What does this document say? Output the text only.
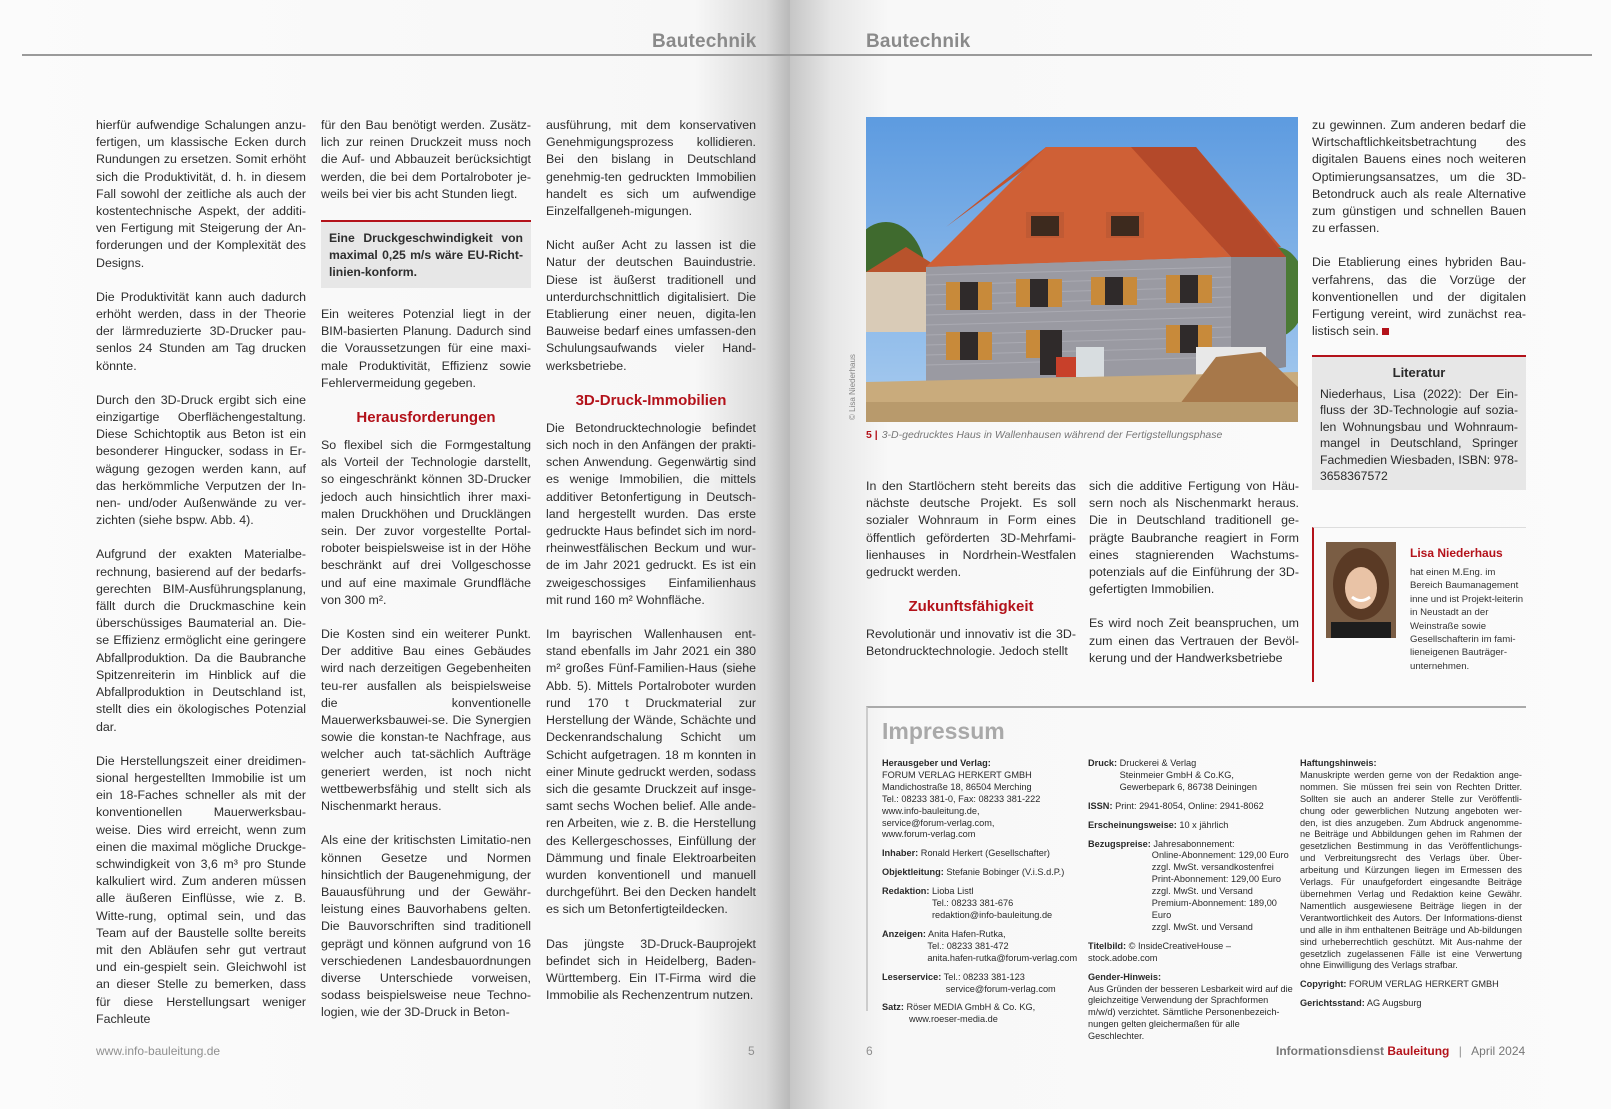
Bautechnik	Bautechnik

hierfür aufwendige Schalungen anzu-fertigen, um klassische Ecken durch Rundungen zu ersetzen. Somit erhöht sich die Produktivität, d. h. in diesem Fall sowohl der zeitliche als auch der kostentechnische Aspekt, der additi-ven Fertigung mit Steigerung der An-forderungen und der Komplexität des Designs.

Die Produktivität kann auch dadurch erhöht werden, dass in der Theorie der lärmreduzierte 3D-Drucker pau-senlos 24 Stunden am Tag drucken könnte.

Durch den 3D-Druck ergibt sich eine einzigartige Oberflächengestaltung. Diese Schichtoptik aus Beton ist ein besonderer Hingucker, sodass in Er-wägung gezogen werden kann, auf das herkömmliche Verputzen der In-nen- und/oder Außenwände zu ver-zichten (siehe bspw. Abb. 4).

Aufgrund der exakten Materialbe-rechnung, basierend auf der bedarfs-gerechten BIM-Ausführungsplanung, fällt durch die Druckmaschine kein überschüssiges Baumaterial an. Die-se Effizienz ermöglicht eine geringere Abfallproduktion. Da die Baubranche Spitzenreiterin im Hinblick auf die Abfallproduktion in Deutschland ist, stellt dies ein ökologisches Potenzial dar.

Die Herstellungszeit einer dreidimen-sional hergestellten Immobilie ist um ein 18-Faches schneller als mit der konventionellen Mauerwerksbau-weise. Dies wird erreicht, wenn zum einen die maximal mögliche Druckge-schwindigkeit von 3,6 m³ pro Stunde kalkuliert wird. Zum anderen müssen alle äußeren Einflüsse, wie z. B. Witte-rung, optimal sein, und das Team auf der Baustelle sollte bereits mit den Abläufen sehr gut vertraut und ein-gespielt sein. Gleichwohl ist an dieser Stelle zu bemerken, dass für diese Herstellungsart weniger Fachleute

für den Bau benötigt werden. Zusätz-lich zur reinen Druckzeit muss noch die Auf- und Abbauzeit berücksichtigt werden, die bei dem Portalroboter je-weils bei vier bis acht Stunden liegt.

Eine Druckgeschwindigkeit von maximal 0,25 m/s wäre EU-Richt-linien-konform.

Ein weiteres Potenzial liegt in der BIM-basierten Planung. Dadurch sind die Voraussetzungen für eine maxi-male Produktivität, Effizienz sowie Fehlervermeidung gegeben.

Herausforderungen

So flexibel sich die Formgestaltung als Vorteil der Technologie darstellt, so eingeschränkt können 3D-Drucker jedoch auch hinsichtlich ihrer maxi-malen Druckhöhen und Drucklängen sein. Der zuvor vorgestellte Portal-roboter beispielsweise ist in der Höhe beschränkt auf drei Vollgeschosse und auf eine maximale Grundfläche von 300 m².

Die Kosten sind ein weiterer Punkt. Der additive Bau eines Gebäudes wird nach derzeitigen Gegebenheiten teu-rer ausfallen als beispielsweise die konventionelle Mauerwerksbauwei-se. Die Synergien sowie die konstan-te Nachfrage, aus welcher auch tat-sächlich Aufträge generiert werden, ist noch nicht wettbewerbsfähig und stellt sich als Nischenmarkt heraus.

Als eine der kritischsten Limitatio-nen können Gesetze und Normen hinsichtlich der Baugenehmigung, der Bauausführung und der Gewähr-leistung eines Bauvorhabens gelten. Die Bauvorschriften sind traditionell geprägt und können aufgrund von 16 verschiedenen Landesbauordnungen diverse Unterschiede vorweisen, sodass beispielsweise neue Techno-logien, wie der 3D-Druck in Beton-

ausführung, mit dem konservativen Genehmigungsprozess kollidieren. Bei den bislang in Deutschland genehmig-ten gedruckten Immobilien handelt es sich um aufwendige Einzelfallgeneh-migungen.

Nicht außer Acht zu lassen ist die Natur der deutschen Bauindustrie. Diese ist äußerst traditionell und unterdurchschnittlich digitalisiert. Die Etablierung einer neuen, digita-len Bauweise bedarf eines umfassen-den Schulungsaufwands vieler Hand-werksbetriebe.

3D-Druck-Immobilien

Die Betondrucktechnologie befindet sich noch in den Anfängen der prakti-schen Anwendung. Gegenwärtig sind es wenige Immobilien, die mittels additiver Betonfertigung in Deutsch-land hergestellt wurden. Das erste gedruckte Haus befindet sich im nord-rheinwestfälischen Beckum und wur-de im Jahr 2021 gedruckt. Es ist ein zweigeschossiges Einfamilienhaus mit rund 160 m² Wohnfläche.

Im bayrischen Wallenhausen ent-stand ebenfalls im Jahr 2021 ein 380 m² großes Fünf-Familien-Haus (siehe Abb. 5). Mittels Portalroboter wurden rund 170 t Druckmaterial zur Herstellung der Wände, Schächte und Deckenrandschalung Schicht um Schicht aufgetragen. 18 m konnten in einer Minute gedruckt werden, sodass sich die gesamte Druckzeit auf insge-samt sechs Wochen belief. Alle ande-ren Arbeiten, wie z. B. die Herstellung des Kellergeschosses, Einfüllung der Dämmung und finale Elektroarbeiten wurden konventionell und manuell durchgeführt. Bei den Decken handelt es sich um Betonfertigteildecken.

Das jüngste 3D-Druck-Bauprojekt befindet sich in Heidelberg, Baden-Württemberg. Ein IT-Firma wird die Immobilie als Rechenzentrum nutzen.

5 | 3-D-gedrucktes Haus in Wallenhausen während der Fertigstellungsphase

In den Startlöchern steht bereits das nächste deutsche Projekt. Es soll sozialer Wohnraum in Form eines öffentlich geförderten 3D-Mehrfami-lienhauses in Nordrhein-Westfalen gedruckt werden.

Zukunftsfähigkeit

Revolutionär und innovativ ist die 3D-Betondrucktechnologie. Jedoch stellt

sich die additive Fertigung von Häu-sern noch als Nischenmarkt heraus. Die in Deutschland traditionell ge-prägte Baubranche reagiert in Form eines stagnierenden Wachstums-potenzials auf die Einführung der 3D-gefertigten Immobilien.

Es wird noch Zeit beanspruchen, um zum einen das Vertrauen der Bevöl-kerung und der Handwerksbetriebe

zu gewinnen. Zum anderen bedarf die Wirtschaftlichkeitsbetrachtung des digitalen Bauens eines noch weiteren Optimierungsansatzes, um die 3D-Betondruck auch als reale Alternative zum günstigen und schnellen Bauen zu erfassen.

Die Etablierung eines hybriden Bau-verfahrens, das die Vorzüge der konventionellen und der digitalen Fertigung vereint, wird zunächst rea-listisch sein.

Literatur
Niederhaus, Lisa (2022): Der Ein-fluss der 3D-Technologie auf sozia-len Wohnungsbau und Wohnraum-mangel in Deutschland, Springer Fachmedien Wiesbaden, ISBN: 978-3658367572
Lisa Niederhaus
hat einen M.Eng. im Bereich Baumanagement inne und ist Projekt-leiterin in Neustadt an der Weinstraße sowie Gesellschafterin im fami-lieneigenen Bauträger-unternehmen.
Impressum
Herausgeber und Verlag:
FORUM VERLAG HERKERT GMBH
Mandichostraße 18, 86504 Merching
Tel.: 08233 381-0, Fax: 08233 381-222
www.info-bauleitung.de,
service@forum-verlag.com,
www.forum-verlag.com
Inhaber: Ronald Herkert (Gesellschafter)
Objektleitung: Stefanie Bobinger (V.i.S.d.P.)
Redaktion: Lioba Listl
Tel.: 08233 381-676
redaktion@info-bauleitung.de
Anzeigen: Anita Hafen-Rutka,
Tel.: 08233 381-472
anita.hafen-rutka@forum-verlag.com
Leserservice: Tel.: 08233 381-123
service@forum-verlag.com
Satz: Röser MEDIA GmbH & Co. KG,
www.roeser-media.de
Druck: Druckerei & Verlag
Steinmeier GmbH & Co.KG,
Gewerbepark 6, 86738 Deiningen
ISSN: Print: 2941-8054, Online: 2941-8062
Erscheinungsweise: 10 x jährlich
Bezugspreise: Jahresabonnement:
Online-Abonnement: 129,00 Euro
zzgl. MwSt. versandkostenfrei
Print-Abonnement: 129,00 Euro
zzgl. MwSt. und Versand
Premium-Abonnement: 189,00 Euro
zzgl. MwSt. und Versand
Titelbild: © InsideCreativeHouse – stock.adobe.com
Gender-Hinweis:
Aus Gründen der besseren Lesbarkeit wird auf die gleichzeitige Verwendung der Sprachformen m/w/d) verzichtet. Sämtliche Personenbezeich-nungen gelten gleichermaßen für alle Geschlechter.
Haftungshinweis:
Manuskripte werden gerne von der Redaktion ange-nommen. Sie müssen frei sein von Rechten Dritter. Sollten sie auch an anderer Stelle zur Veröffentli-chung oder gewerblichen Nutzung angeboten wer-den, ist dies anzugeben. Zum Abdruck angenomme-ne Beiträge und Abbildungen gehen im Rahmen der gesetzlichen Bestimmung in das Veröffentlichungs- und Verbreitungsrecht des Verlags über. Über-arbeitung und Kürzungen liegen im Ermessen des Verlags. Für unaufgefordert eingesandte Beiträge übernehmen Verlag und Redaktion keine Gewähr. Namentlich ausgewiesene Beiträge liegen in der Verantwortlichkeit des Autors. Der Informations-dienst und alle in ihm enthaltenen Beiträge und Ab-bildungen sind urheberrechtlich geschützt. Mit Aus-nahme der gesetzlich zugelassenen Fälle ist eine Verwertung ohne Einwilligung des Verlags strafbar.
Copyright: FORUM VERLAG HERKERT GMBH
Gerichtsstand: AG Augsburg
www.info-bauleitung.de	5	6	Informationsdienst Bauleitung | April 2024
